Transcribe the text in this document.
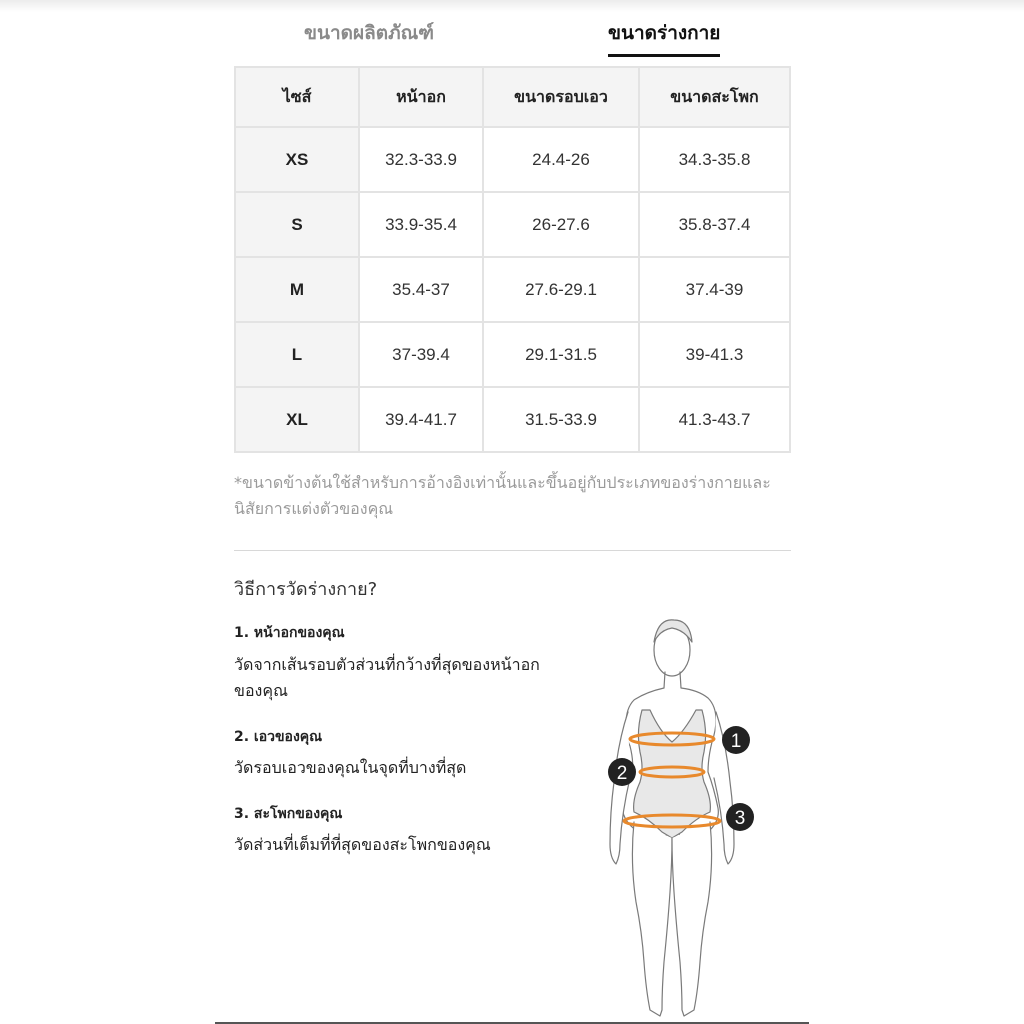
ขนาดผลิตภัณฑ์	ขนาดร่างกาย
ไซส์	หน้าอก	ขนาดรอบเอว	ขนาดสะโพก
XS	32.3-33.9	24.4-26	34.3-35.8
S	33.9-35.4	26-27.6	35.8-37.4
M	35.4-37	27.6-29.1	37.4-39
L	37-39.4	29.1-31.5	39-41.3
XL	39.4-41.7	31.5-33.9	41.3-43.7
*ขนาดข้างต้นใช้สำหรับการอ้างอิงเท่านั้นและขึ้นอยู่กับประเภทของร่างกายและ
นิสัยการแต่งตัวของคุณ
วิธีการวัดร่างกาย?
1. หน้าอกของคุณ
วัดจากเส้นรอบตัวส่วนที่กว้างที่สุดของหน้าอก
ของคุณ
2. เอวของคุณ
วัดรอบเอวของคุณในจุดที่บางที่สุด
3. สะโพกของคุณ
วัดส่วนที่เต็มที่ที่สุดของสะโพกของคุณ
1
2
3
